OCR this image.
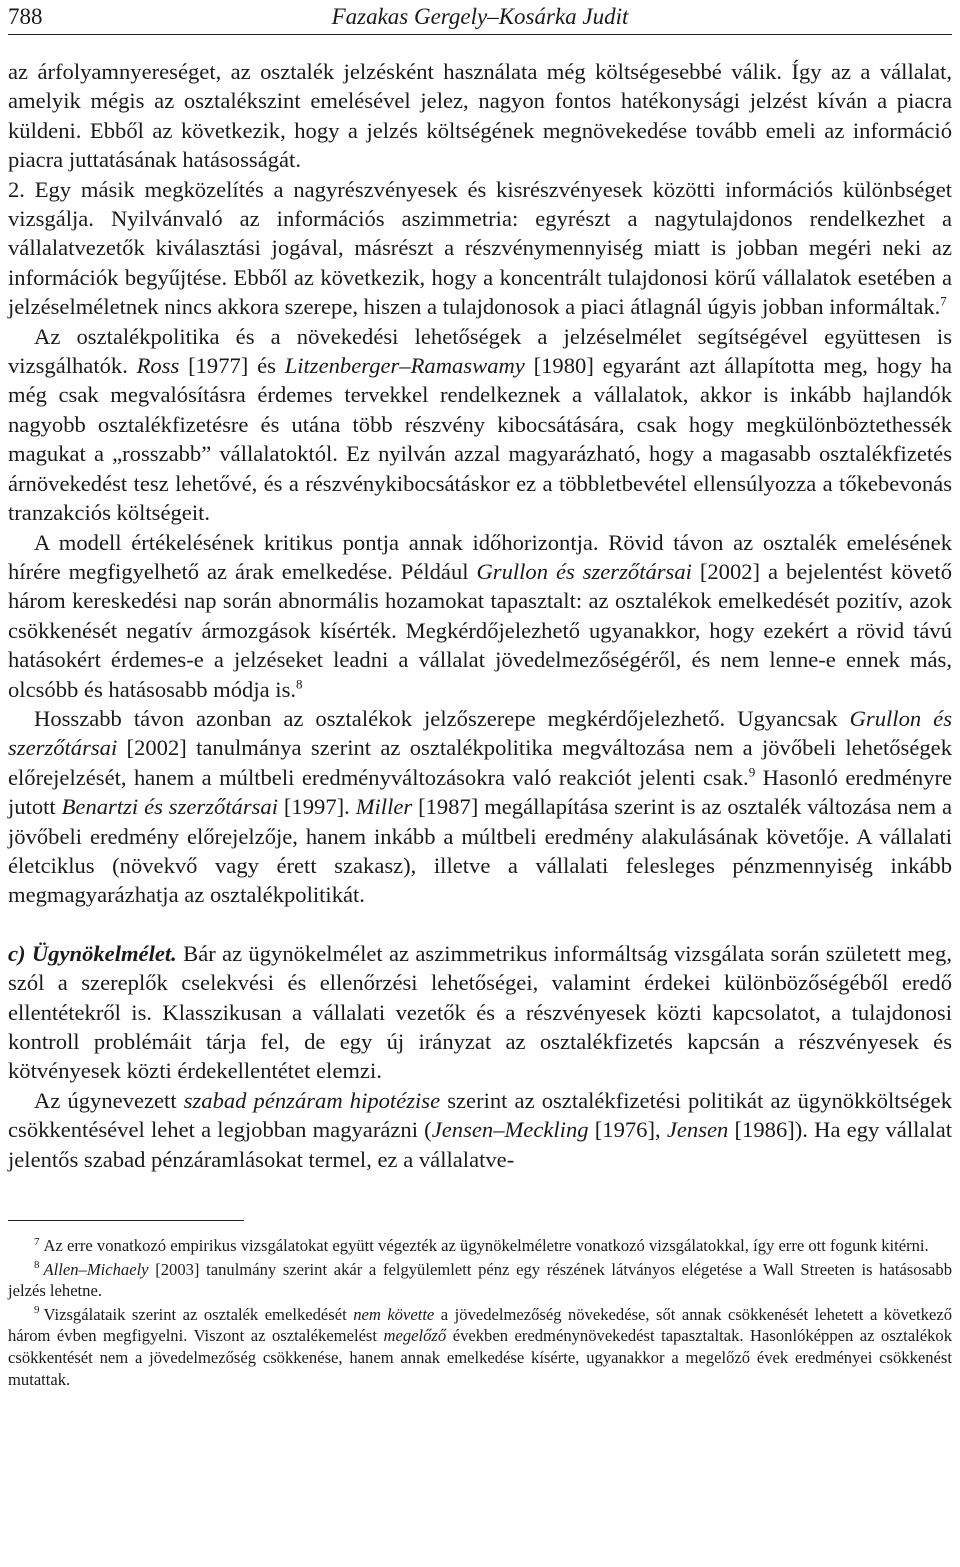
788	Fazakas Gergely–Kosárka Judit

az árfolyamnyereséget, az osztalék jelzésként használata még költségesebbé válik. Így az a vállalat, amelyik mégis az osztalékszint emelésével jelez, nagyon fontos hatékonysági jelzést kíván a piacra küldeni. Ebből az következik, hogy a jelzés költségének megnövekedése tovább emeli az információ piacra juttatásának hatásosságát.

2. Egy másik megközelítés a nagyrészvényesek és kisrészvényesek közötti információs különbséget vizsgálja. Nyilvánvaló az információs aszimmetria: egyrészt a nagytulajdonos rendelkezhet a vállalatvezetők kiválasztási jogával, másrészt a részvénymennyiség miatt is jobban megéri neki az információk begyűjtése. Ebből az következik, hogy a koncentrált tulajdonosi körű vállalatok esetében a jelzéselméletnek nincs akkora szerepe, hiszen a tulajdonosok a piaci átlagnál úgyis jobban informáltak.$^7$

Az osztalékpolitika és a növekedési lehetőségek a jelzéselmélet segítségével együttesen is vizsgálhatók. Ross [1977] és Litzenberger–Ramaswamy [1980] egyaránt azt állapította meg, hogy ha még csak megvalósításra érdemes tervekkel rendelkeznek a vállalatok, akkor is inkább hajlandók nagyobb osztalékfizetésre és utána több részvény kibocsátására, csak hogy megkülönböztethessék magukat a „rosszabb” vállalatoktól. Ez nyilván azzal magyarázható, hogy a magasabb osztalékfizetés árnövekedést tesz lehetővé, és a részvénykibocsátáskor ez a többletbevétel ellensúlyozza a tőkebevonás tranzakciós költségeit.

A modell értékelésének kritikus pontja annak időhorizontja. Rövid távon az osztalék emelésének hírére megfigyelhető az árak emelkedése. Például Grullon és szerzőtársai [2002] a bejelentést követő három kereskedési nap során abnormális hozamokat tapasztalt: az osztalékok emelkedését pozitív, azok csökkenését negatív ármozgások kísérték. Megkérdőjelezhető ugyanakkor, hogy ezekért a rövid távú hatásokért érdemes-e a jelzéseket leadni a vállalat jövedelmezőségéről, és nem lenne-e ennek más, olcsóbb és hatásosabb módja is.$^8$

Hosszabb távon azonban az osztalékok jelzőszerepe megkérdőjelezhető. Ugyancsak Grullon és szerzőtársai [2002] tanulmánya szerint az osztalékpolitika megváltozása nem a jövőbeli lehetőségek előrejelzését, hanem a múltbeli eredményváltozásokra való reakciót jelenti csak.$^9$ Hasonló eredményre jutott Benartzi és szerzőtársai [1997]. Miller [1987] megállapítása szerint is az osztalék változása nem a jövőbeli eredmény előrejelzője, hanem inkább a múltbeli eredmény alakulásának követője. A vállalati életciklus (növekvő vagy érett szakasz), illetve a vállalati felesleges pénzmennyiség inkább megmagyarázhatja az osztalékpolitikát.

c) Ügynökelmélet. Bár az ügynökelmélet az aszimmetrikus informáltság vizsgálata során született meg, szól a szereplők cselekvési és ellenőrzési lehetőségei, valamint érdekei különbözőségéből eredő ellentétekről is. Klasszikusan a vállalati vezetők és a részvényesek közti kapcsolatot, a tulajdonosi kontroll problémáit tárja fel, de egy új irányzat az osztalékfizetés kapcsán a részvényesek és kötvényesek közti érdekellentétet elemzi.

Az úgynevezett szabad pénzáram hipotézise szerint az osztalékfizetési politikát az ügynökköltségek csökkentésével lehet a legjobban magyarázni (Jensen–Meckling [1976], Jensen [1986]). Ha egy vállalat jelentős szabad pénzáramlásokat termel, ez a vállalatve-

$^7$ Az erre vonatkozó empirikus vizsgálatokat együtt végezték az ügynökelméletre vonatkozó vizsgálatokkal, így erre ott fogunk kitérni.

$^8$ Allen–Michaely [2003] tanulmány szerint akár a felgyülemlett pénz egy részének látványos elégetése a Wall Streeten is hatásosabb jelzés lehetne.

$^9$ Vizsgálataik szerint az osztalék emelkedését nem követte a jövedelmezőség növekedése, sőt annak csökkenését lehetett a következő három évben megfigyelni. Viszont az osztalékemelést megelőző években eredménynövekedést tapasztaltak. Hasonlóképpen az osztalékok csökkentését nem a jövedelmezőség csökkenése, hanem annak emelkedése kísérte, ugyanakkor a megelőző évek eredményei csökkenést mutattak.
